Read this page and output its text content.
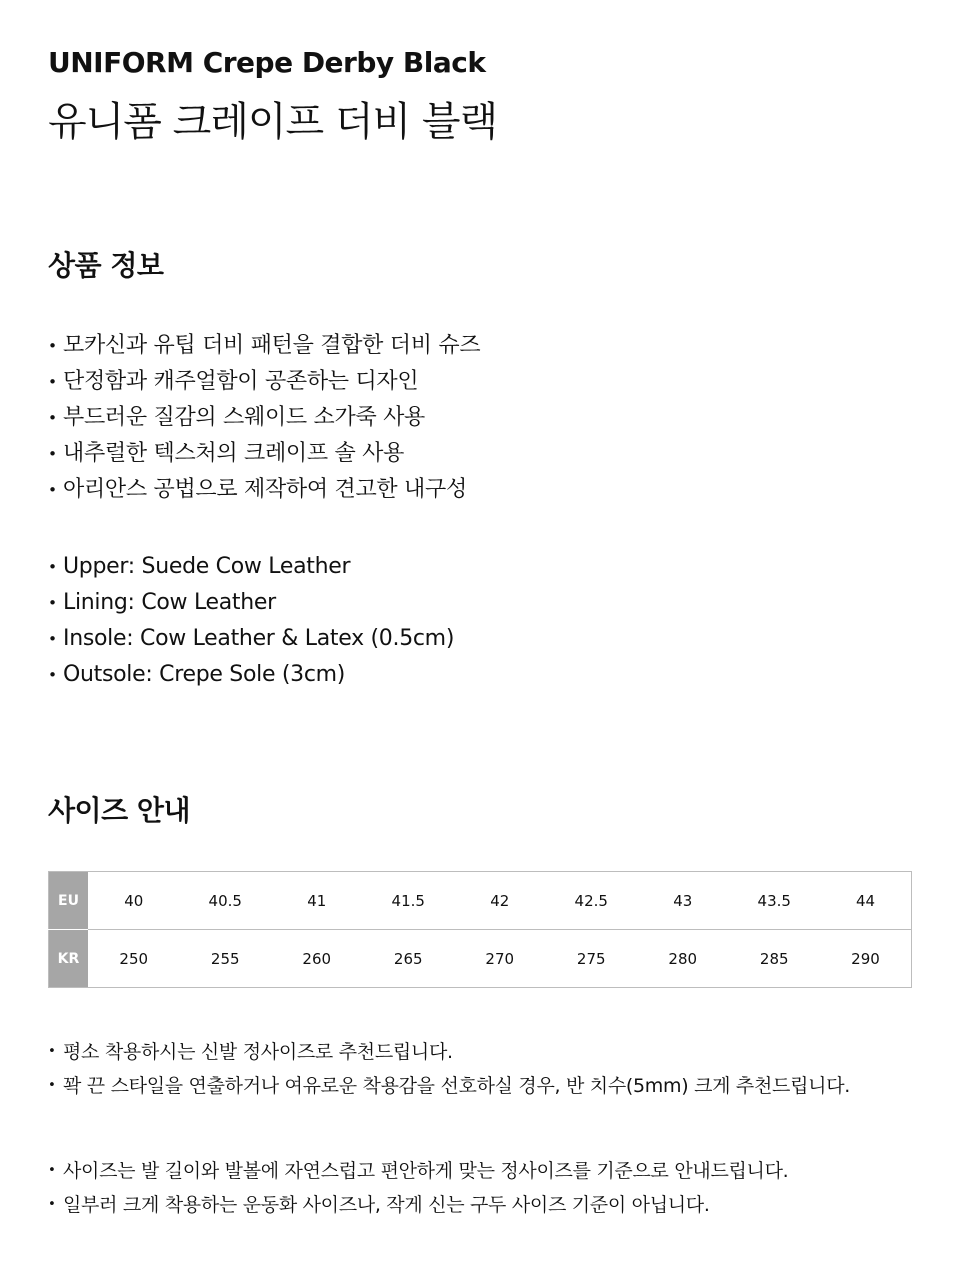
UNIFORM Crepe Derby Black
유니폼 크레이프 더비 블랙
상품 정보
• 모카신과 유팁 더비 패턴을 결합한 더비 슈즈
• 단정함과 캐주얼함이 공존하는 디자인
• 부드러운 질감의 스웨이드 소가죽 사용
• 내추럴한 텍스처의 크레이프 솔 사용
• 아리안스 공법으로 제작하여 견고한 내구성
• Upper: Suede Cow Leather
• Lining: Cow Leather
• Insole: Cow Leather & Latex (0.5cm)
• Outsole: Crepe Sole (3cm)
사이즈 안내
EU	40	40.5	41	41.5	42	42.5	43	43.5	44
KR	250	255	260	265	270	275	280	285	290
• 평소 착용하시는 신발 정사이즈로 추천드립니다.
• 꽉 끈 스타일을 연출하거나 여유로운 착용감을 선호하실 경우, 반 치수(5mm) 크게 추천드립니다.
• 사이즈는 발 길이와 발볼에 자연스럽고 편안하게 맞는 정사이즈를 기준으로 안내드립니다.
• 일부러 크게 착용하는 운동화 사이즈나, 작게 신는 구두 사이즈 기준이 아닙니다.
